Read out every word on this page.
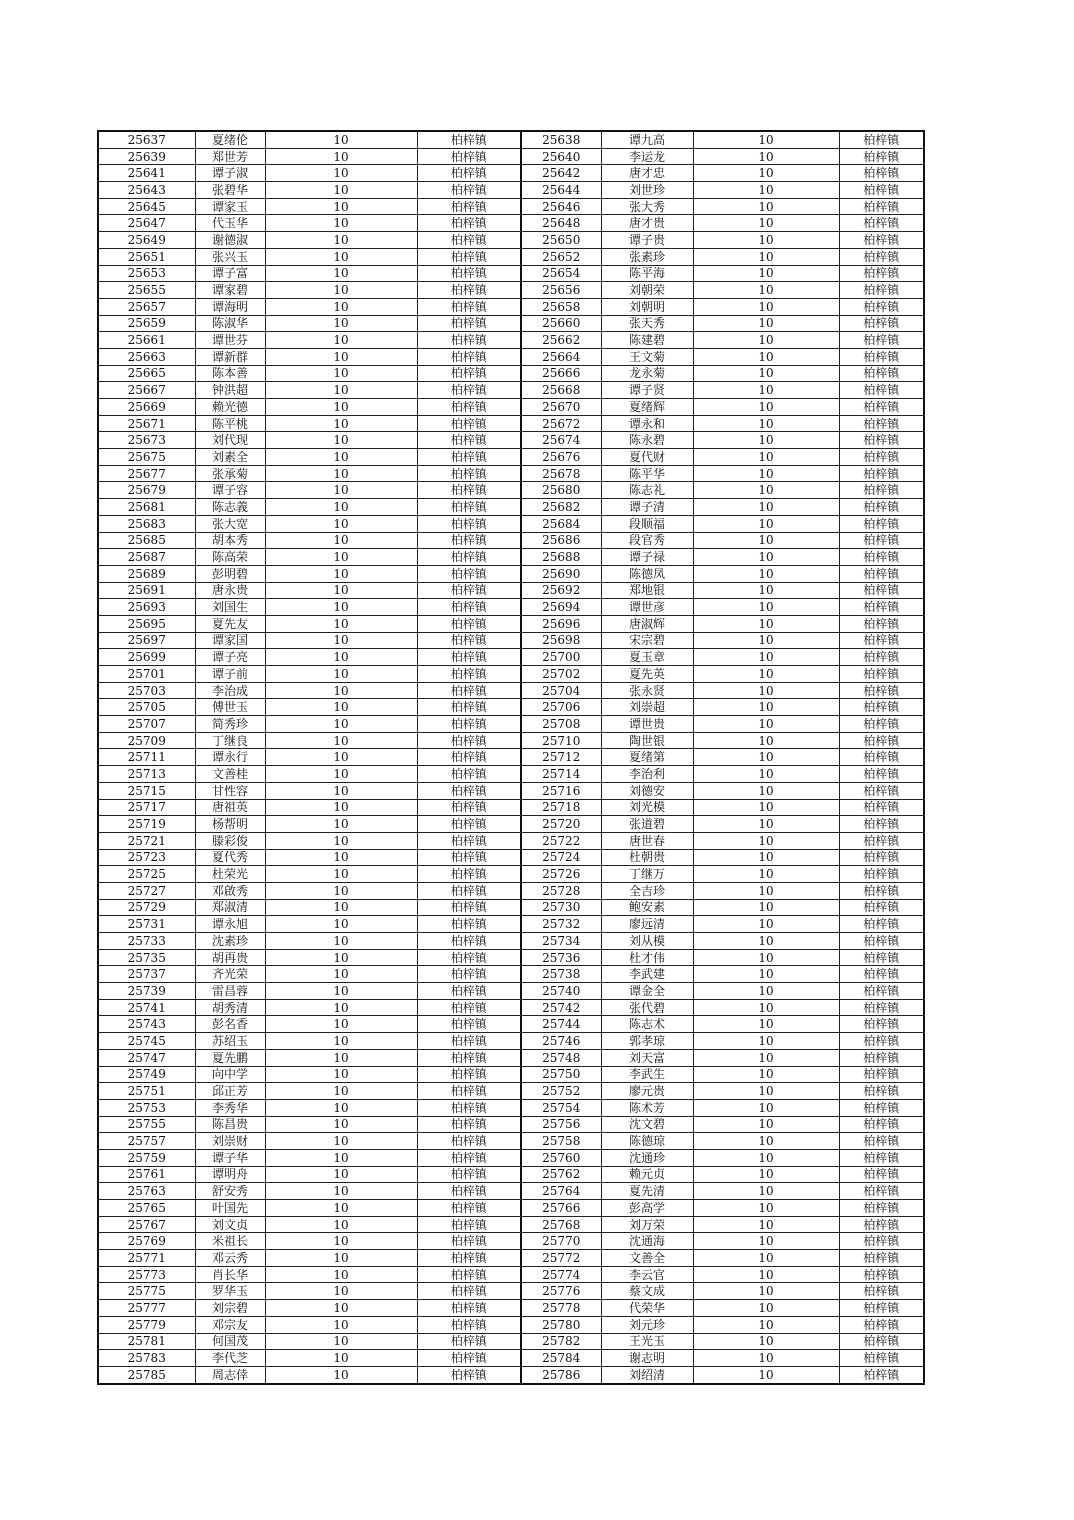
25637	夏绪伦	10	柏梓镇	25638	谭九高	10	柏梓镇
25639	郑世芳	10	柏梓镇	25640	李运龙	10	柏梓镇
25641	谭子淑	10	柏梓镇	25642	唐才忠	10	柏梓镇
25643	张碧华	10	柏梓镇	25644	刘世珍	10	柏梓镇
25645	谭家玉	10	柏梓镇	25646	张大秀	10	柏梓镇
25647	代玉华	10	柏梓镇	25648	唐才贵	10	柏梓镇
25649	谢德淑	10	柏梓镇	25650	谭子贵	10	柏梓镇
25651	张兴玉	10	柏梓镇	25652	张素珍	10	柏梓镇
25653	谭子富	10	柏梓镇	25654	陈平海	10	柏梓镇
25655	谭家碧	10	柏梓镇	25656	刘朝荣	10	柏梓镇
25657	谭海明	10	柏梓镇	25658	刘朝明	10	柏梓镇
25659	陈淑华	10	柏梓镇	25660	张天秀	10	柏梓镇
25661	谭世芬	10	柏梓镇	25662	陈建碧	10	柏梓镇
25663	谭新群	10	柏梓镇	25664	王文菊	10	柏梓镇
25665	陈本善	10	柏梓镇	25666	龙永菊	10	柏梓镇
25667	钟洪超	10	柏梓镇	25668	谭子贤	10	柏梓镇
25669	赖光德	10	柏梓镇	25670	夏绪辉	10	柏梓镇
25671	陈平桃	10	柏梓镇	25672	谭永和	10	柏梓镇
25673	刘代现	10	柏梓镇	25674	陈永碧	10	柏梓镇
25675	刘素全	10	柏梓镇	25676	夏代财	10	柏梓镇
25677	张承菊	10	柏梓镇	25678	陈平华	10	柏梓镇
25679	谭子容	10	柏梓镇	25680	陈志礼	10	柏梓镇
25681	陈志義	10	柏梓镇	25682	谭子清	10	柏梓镇
25683	张大宽	10	柏梓镇	25684	段顺福	10	柏梓镇
25685	胡本秀	10	柏梓镇	25686	段官秀	10	柏梓镇
25687	陈高荣	10	柏梓镇	25688	谭子禄	10	柏梓镇
25689	彭明碧	10	柏梓镇	25690	陈德凤	10	柏梓镇
25691	唐永贵	10	柏梓镇	25692	郑地银	10	柏梓镇
25693	刘国生	10	柏梓镇	25694	谭世彦	10	柏梓镇
25695	夏先友	10	柏梓镇	25696	唐淑辉	10	柏梓镇
25697	谭家国	10	柏梓镇	25698	宋宗碧	10	柏梓镇
25699	谭子亮	10	柏梓镇	25700	夏玉章	10	柏梓镇
25701	谭子前	10	柏梓镇	25702	夏先英	10	柏梓镇
25703	李治成	10	柏梓镇	25704	张永贤	10	柏梓镇
25705	傅世玉	10	柏梓镇	25706	刘崇超	10	柏梓镇
25707	简秀珍	10	柏梓镇	25708	谭世贵	10	柏梓镇
25709	丁继良	10	柏梓镇	25710	陶世银	10	柏梓镇
25711	谭永行	10	柏梓镇	25712	夏绪第	10	柏梓镇
25713	文善桂	10	柏梓镇	25714	李治利	10	柏梓镇
25715	甘性容	10	柏梓镇	25716	刘德安	10	柏梓镇
25717	唐祖英	10	柏梓镇	25718	刘光模	10	柏梓镇
25719	杨帮明	10	柏梓镇	25720	张道碧	10	柏梓镇
25721	滕彩俊	10	柏梓镇	25722	唐世春	10	柏梓镇
25723	夏代秀	10	柏梓镇	25724	杜朝贵	10	柏梓镇
25725	杜荣光	10	柏梓镇	25726	丁继万	10	柏梓镇
25727	邓啟秀	10	柏梓镇	25728	全吉珍	10	柏梓镇
25729	郑淑清	10	柏梓镇	25730	鲍安素	10	柏梓镇
25731	谭永旭	10	柏梓镇	25732	廖远清	10	柏梓镇
25733	沈素珍	10	柏梓镇	25734	刘从模	10	柏梓镇
25735	胡再贵	10	柏梓镇	25736	杜才伟	10	柏梓镇
25737	齐光荣	10	柏梓镇	25738	李武建	10	柏梓镇
25739	雷昌蓉	10	柏梓镇	25740	谭金全	10	柏梓镇
25741	胡秀清	10	柏梓镇	25742	张代碧	10	柏梓镇
25743	彭名香	10	柏梓镇	25744	陈志术	10	柏梓镇
25745	苏绍玉	10	柏梓镇	25746	郭孝琼	10	柏梓镇
25747	夏先鹏	10	柏梓镇	25748	刘天富	10	柏梓镇
25749	向中学	10	柏梓镇	25750	李武生	10	柏梓镇
25751	邱正芳	10	柏梓镇	25752	廖元贵	10	柏梓镇
25753	李秀华	10	柏梓镇	25754	陈术芳	10	柏梓镇
25755	陈昌贵	10	柏梓镇	25756	沈文碧	10	柏梓镇
25757	刘崇财	10	柏梓镇	25758	陈德琼	10	柏梓镇
25759	谭子华	10	柏梓镇	25760	沈通珍	10	柏梓镇
25761	谭明舟	10	柏梓镇	25762	赖元贞	10	柏梓镇
25763	舒安秀	10	柏梓镇	25764	夏先清	10	柏梓镇
25765	叶国先	10	柏梓镇	25766	彭高学	10	柏梓镇
25767	刘文贞	10	柏梓镇	25768	刘万荣	10	柏梓镇
25769	米祖长	10	柏梓镇	25770	沈通海	10	柏梓镇
25771	邓云秀	10	柏梓镇	25772	文善全	10	柏梓镇
25773	肖长华	10	柏梓镇	25774	李云官	10	柏梓镇
25775	罗华玉	10	柏梓镇	25776	蔡文成	10	柏梓镇
25777	刘宗碧	10	柏梓镇	25778	代荣华	10	柏梓镇
25779	邓宗友	10	柏梓镇	25780	刘元珍	10	柏梓镇
25781	何国茂	10	柏梓镇	25782	王光玉	10	柏梓镇
25783	李代芝	10	柏梓镇	25784	谢志明	10	柏梓镇
25785	周志倖	10	柏梓镇	25786	刘绍清	10	柏梓镇
